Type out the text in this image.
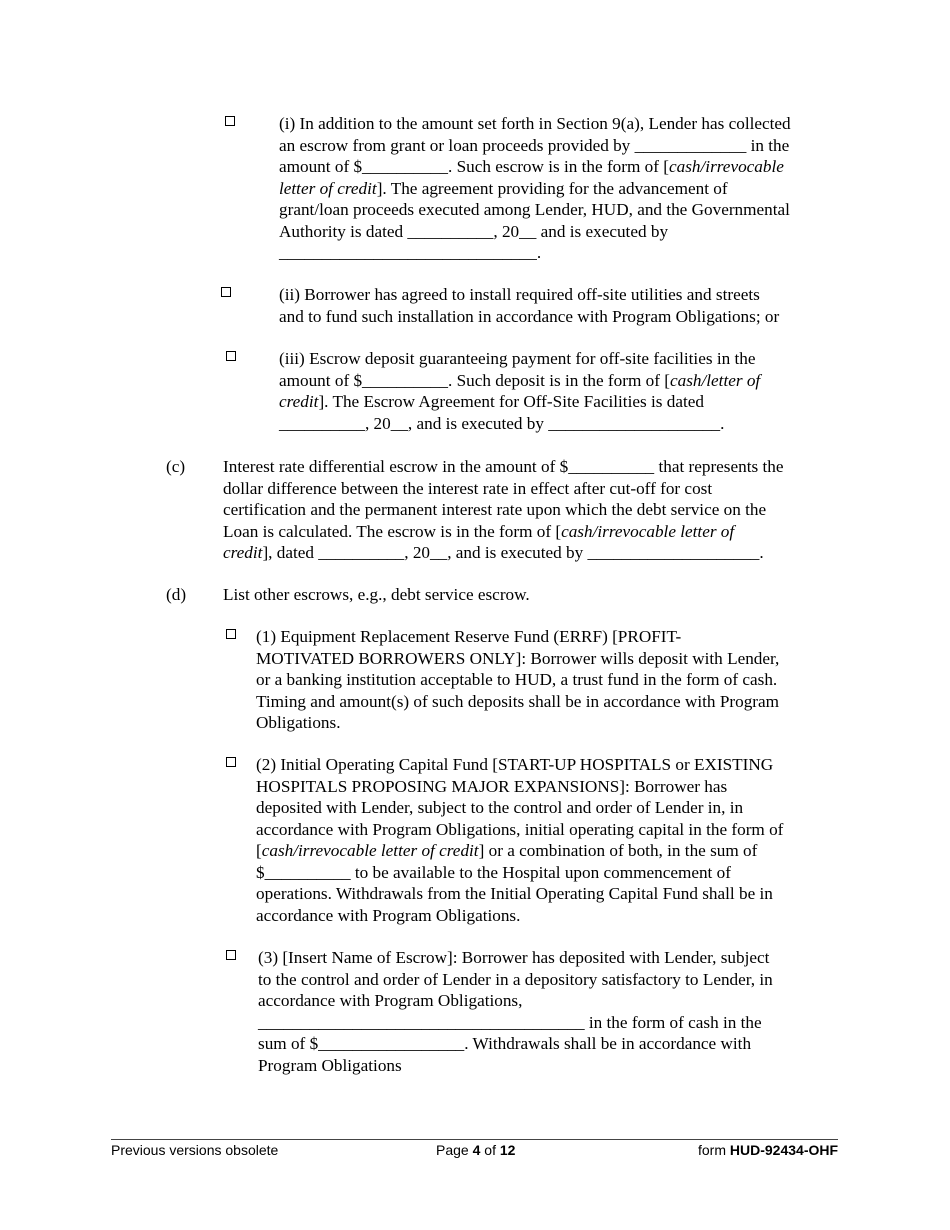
(c)
(d)
(i) In addition to the amount set forth in Section 9(a), Lender has collected
an escrow from grant or loan proceeds provided by _____________ in the
amount of $__________. Such escrow is in the form of [cash/irrevocable
letter of credit]. The agreement providing for the advancement of
grant/loan proceeds executed among Lender, HUD, and the Governmental
Authority is dated __________, 20__ and is executed by
______________________________.
(ii) Borrower has agreed to install required off-site utilities and streets
and to fund such installation in accordance with Program Obligations; or
(iii) Escrow deposit guaranteeing payment for off-site facilities in the
amount of $__________. Such deposit is in the form of [cash/letter of
credit]. The Escrow Agreement for Off-Site Facilities is dated
__________, 20__, and is executed by ____________________.
Interest rate differential escrow in the amount of $__________ that represents the
dollar difference between the interest rate in effect after cut-off for cost
certification and the permanent interest rate upon which the debt service on the
Loan is calculated. The escrow is in the form of [cash/irrevocable letter of
credit], dated __________, 20__, and is executed by ____________________.
List other escrows, e.g., debt service escrow.
(1) Equipment Replacement Reserve Fund (ERRF) [PROFIT-
MOTIVATED BORROWERS ONLY]: Borrower wills deposit with Lender,
or a banking institution acceptable to HUD, a trust fund in the form of cash.
Timing and amount(s) of such deposits shall be in accordance with Program
Obligations.
(2) Initial Operating Capital Fund [START-UP HOSPITALS or EXISTING
HOSPITALS PROPOSING MAJOR EXPANSIONS]: Borrower has
deposited with Lender, subject to the control and order of Lender in, in
accordance with Program Obligations, initial operating capital in the form of
[cash/irrevocable letter of credit] or a combination of both, in the sum of
$__________ to be available to the Hospital upon commencement of
operations. Withdrawals from the Initial Operating Capital Fund shall be in
accordance with Program Obligations.
(3) [Insert Name of Escrow]: Borrower has deposited with Lender, subject
to the control and order of Lender in a depository satisfactory to Lender, in
accordance with Program Obligations,
______________________________________ in the form of cash in the
sum of $_________________. Withdrawals shall be in accordance with
Program Obligations
Previous versions obsolete	Page 4 of 12	form HUD-92434-OHF
